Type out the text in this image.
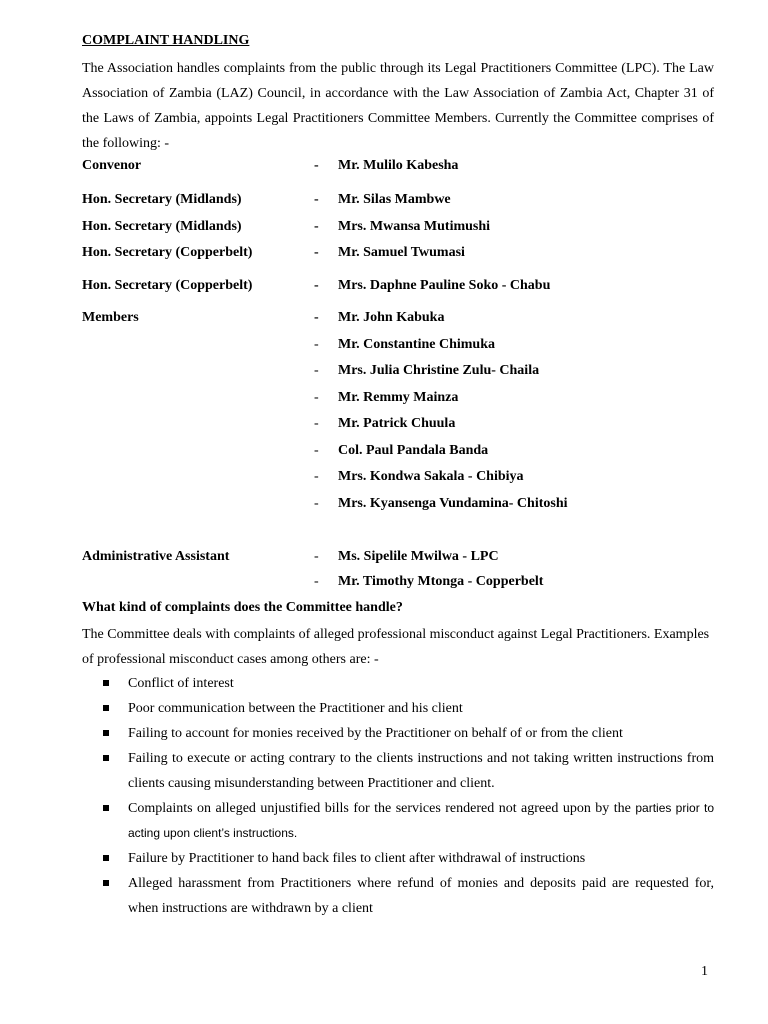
COMPLAINT HANDLING
The Association handles complaints from the public through its Legal Practitioners Committee (LPC). The Law Association of Zambia (LAZ) Council, in accordance with the Law Association of Zambia Act, Chapter 31 of the Laws of Zambia, appoints Legal Practitioners Committee Members. Currently the Committee comprises of the following: -
Convenor	-	Mr. Mulilo Kabesha
Hon. Secretary (Midlands)	-	Mr. Silas Mambwe
Hon. Secretary (Midlands)	-	Mrs. Mwansa Mutimushi
Hon. Secretary (Copperbelt)	-	Mr. Samuel Twumasi
Hon. Secretary (Copperbelt)	-	Mrs. Daphne Pauline Soko - Chabu
Members	-	Mr. John Kabuka
-	Mr. Constantine Chimuka
-	Mrs. Julia Christine Zulu- Chaila
-	Mr. Remmy Mainza
-	Mr. Patrick Chuula
-	Col. Paul Pandala Banda
-	Mrs. Kondwa Sakala - Chibiya
-	Mrs. Kyansenga Vundamina- Chitoshi
Administrative Assistant	-	Ms. Sipelile Mwilwa - LPC
-	Mr. Timothy Mtonga - Copperbelt
What kind of complaints does the Committee handle?
The Committee deals with complaints of alleged professional misconduct against Legal Practitioners. Examples of professional misconduct cases among others are: -
Conflict of interest
Poor communication between the Practitioner and his client
Failing to account for monies received by the Practitioner on behalf of or from the client
Failing to execute or acting contrary to the clients instructions and not taking written instructions from clients causing misunderstanding between Practitioner and client.
Complaints on alleged unjustified bills for the services rendered not agreed upon by the parties prior to acting upon client’s instructions.
Failure by Practitioner to hand back files to client after withdrawal of instructions
Alleged harassment from Practitioners where refund of monies and deposits paid are requested for, when instructions are withdrawn by a client
1
